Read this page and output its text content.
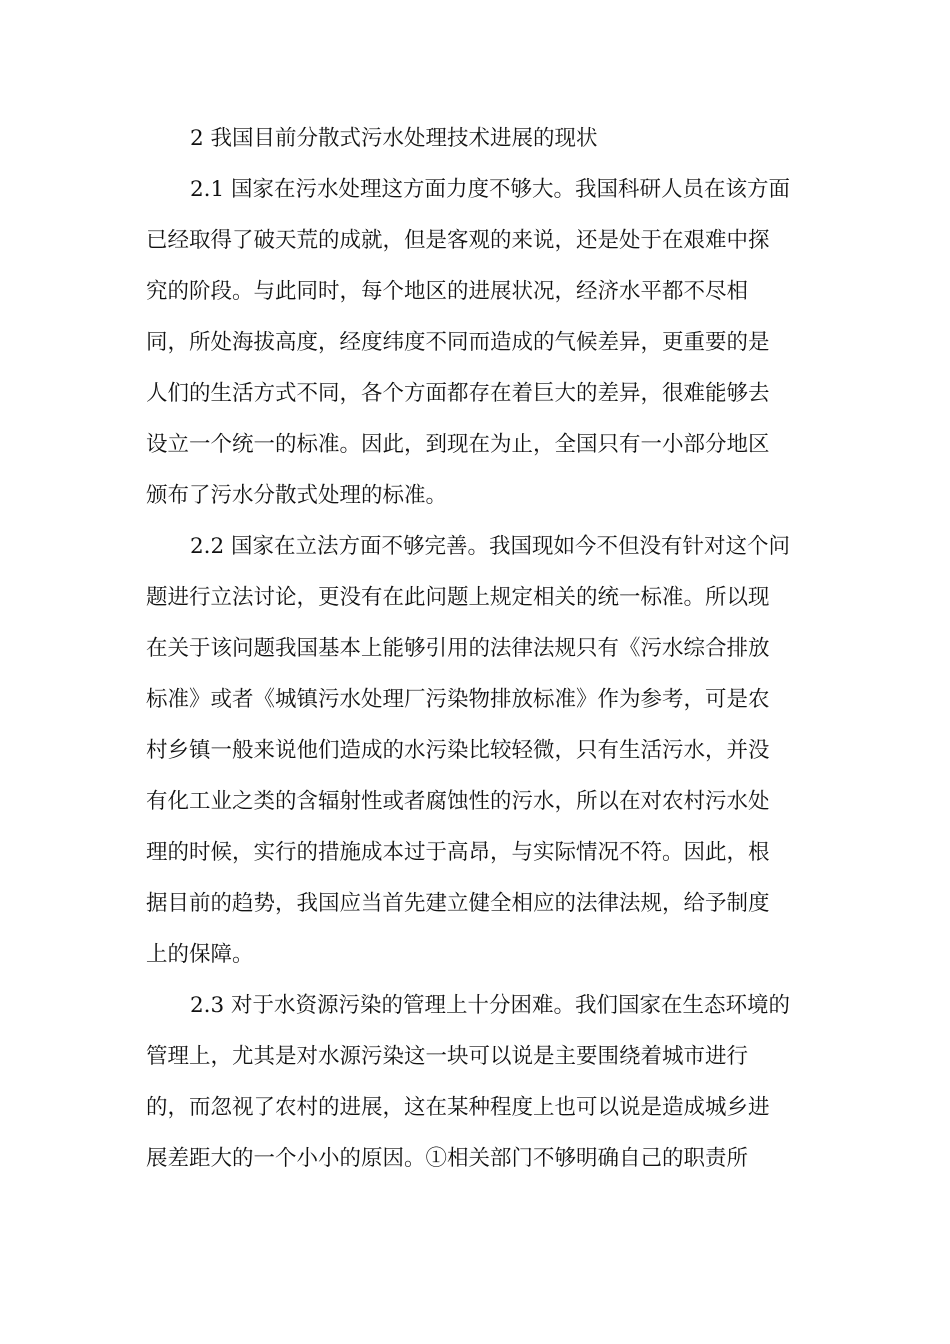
2 我国目前分散式污水处理技术进展的现状
2.1 国家在污水处理这方面力度不够大。我国科研人员在该方面
已经取得了破天荒的成就，但是客观的来说，还是处于在艰难中探
究的阶段。与此同时，每个地区的进展状况，经济水平都不尽相
同，所处海拔高度，经度纬度不同而造成的气候差异，更重要的是
人们的生活方式不同，各个方面都存在着巨大的差异，很难能够去
设立一个统一的标准。因此，到现在为止，全国只有一小部分地区
颁布了污水分散式处理的标准。
2.2 国家在立法方面不够完善。我国现如今不但没有针对这个问
题进行立法讨论，更没有在此问题上规定相关的统一标准。所以现
在关于该问题我国基本上能够引用的法律法规只有《污水综合排放
标准》或者《城镇污水处理厂污染物排放标准》作为参考，可是农
村乡镇一般来说他们造成的水污染比较轻微，只有生活污水，并没
有化工业之类的含辐射性或者腐蚀性的污水，所以在对农村污水处
理的时候，实行的措施成本过于高昂，与实际情况不符。因此，根
据目前的趋势，我国应当首先建立健全相应的法律法规，给予制度
上的保障。
2.3 对于水资源污染的管理上十分困难。我们国家在生态环境的
管理上，尤其是对水源污染这一块可以说是主要围绕着城市进行
的，而忽视了农村的进展，这在某种程度上也可以说是造成城乡进
展差距大的一个小小的原因。①相关部门不够明确自己的职责所
